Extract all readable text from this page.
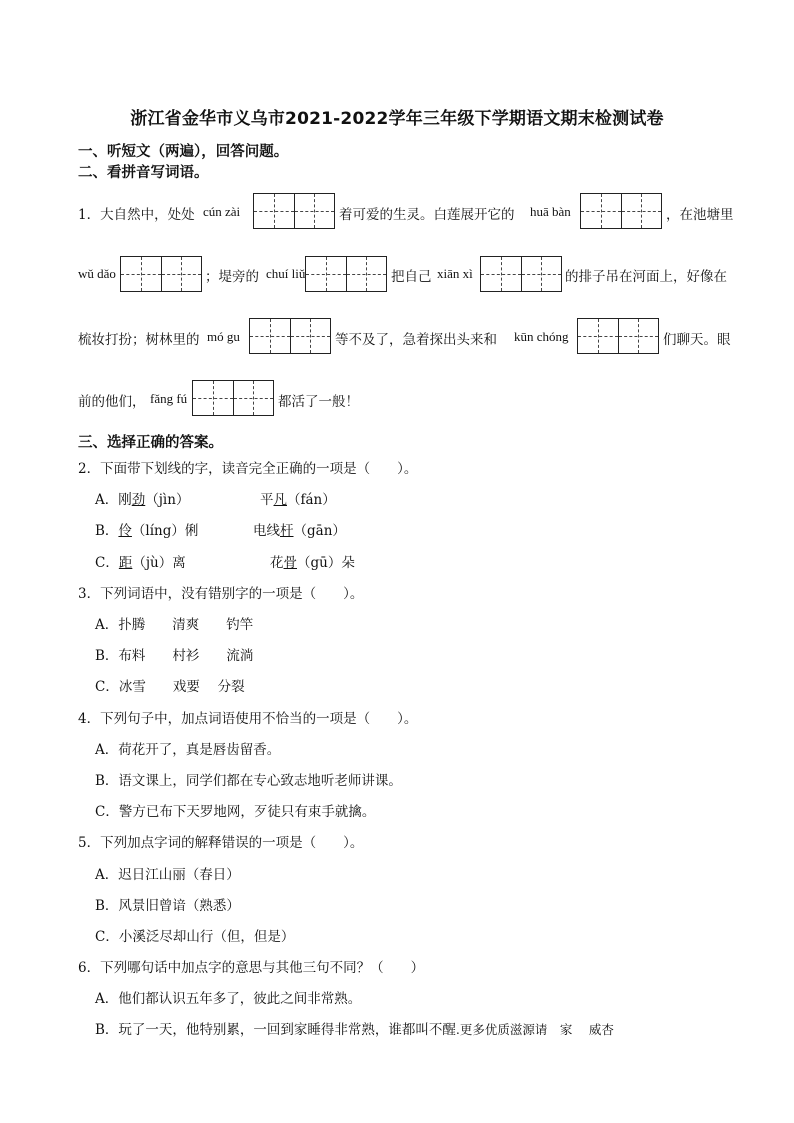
浙江省金华市义乌市2021-2022学年三年级下学期语文期末检测试卷
一、听短文（两遍），回答问题。
二、看拼音写词语。
1．大自然中，处处 cún zài	着可爱的生灵。白莲展开它的 huā bàn	，在池塘里
wǔ dǎo	；堤旁的 chuí liǔ	把自己 xiān xì	的排子吊在河面上，好像在
梳妆打扮；树林里的 mó gu	等不及了，急着探出头来和 kūn chóng	们聊天。眼
前的他们， fǎng fú	都活了一般！
三、选择正确的答案。
2．下面带下划线的字，读音完全正确的一项是（　　）。
A．刚劲（jìn）	平凡（fán）
B．伶（líng）俐	电线杆（gān）
C．距（jù）离	花骨（gū）朵
3．下列词语中，没有错别字的一项是（　　）。
A．扑腾　　清爽　　钓竿
B．布料　　村衫　　流淌
C．冰雪　　戏要　 分裂
4．下列句子中，加点词语使用不恰当的一项是（　　）。
A．荷花开了，真是唇齿留香。
B．语文课上，同学们都在专心致志地听老师讲课。
C．警方已布下天罗地网，歹徒只有束手就擒。
5．下列加点字词的解释错误的一项是（　　）。
A．迟日江山丽（春日）
B．风景旧曾谙（熟悉）
C．小溪泛尽却山行（但，但是）
6．下列哪句话中加点字的意思与其他三句不同？（　　）
A．他们都认识五年多了，彼此之间非常熟。
B．玩了一天，他特别累，一回到家睡得非常熟，谁都叫不醒.更多优质滋源请　家　 威杏
